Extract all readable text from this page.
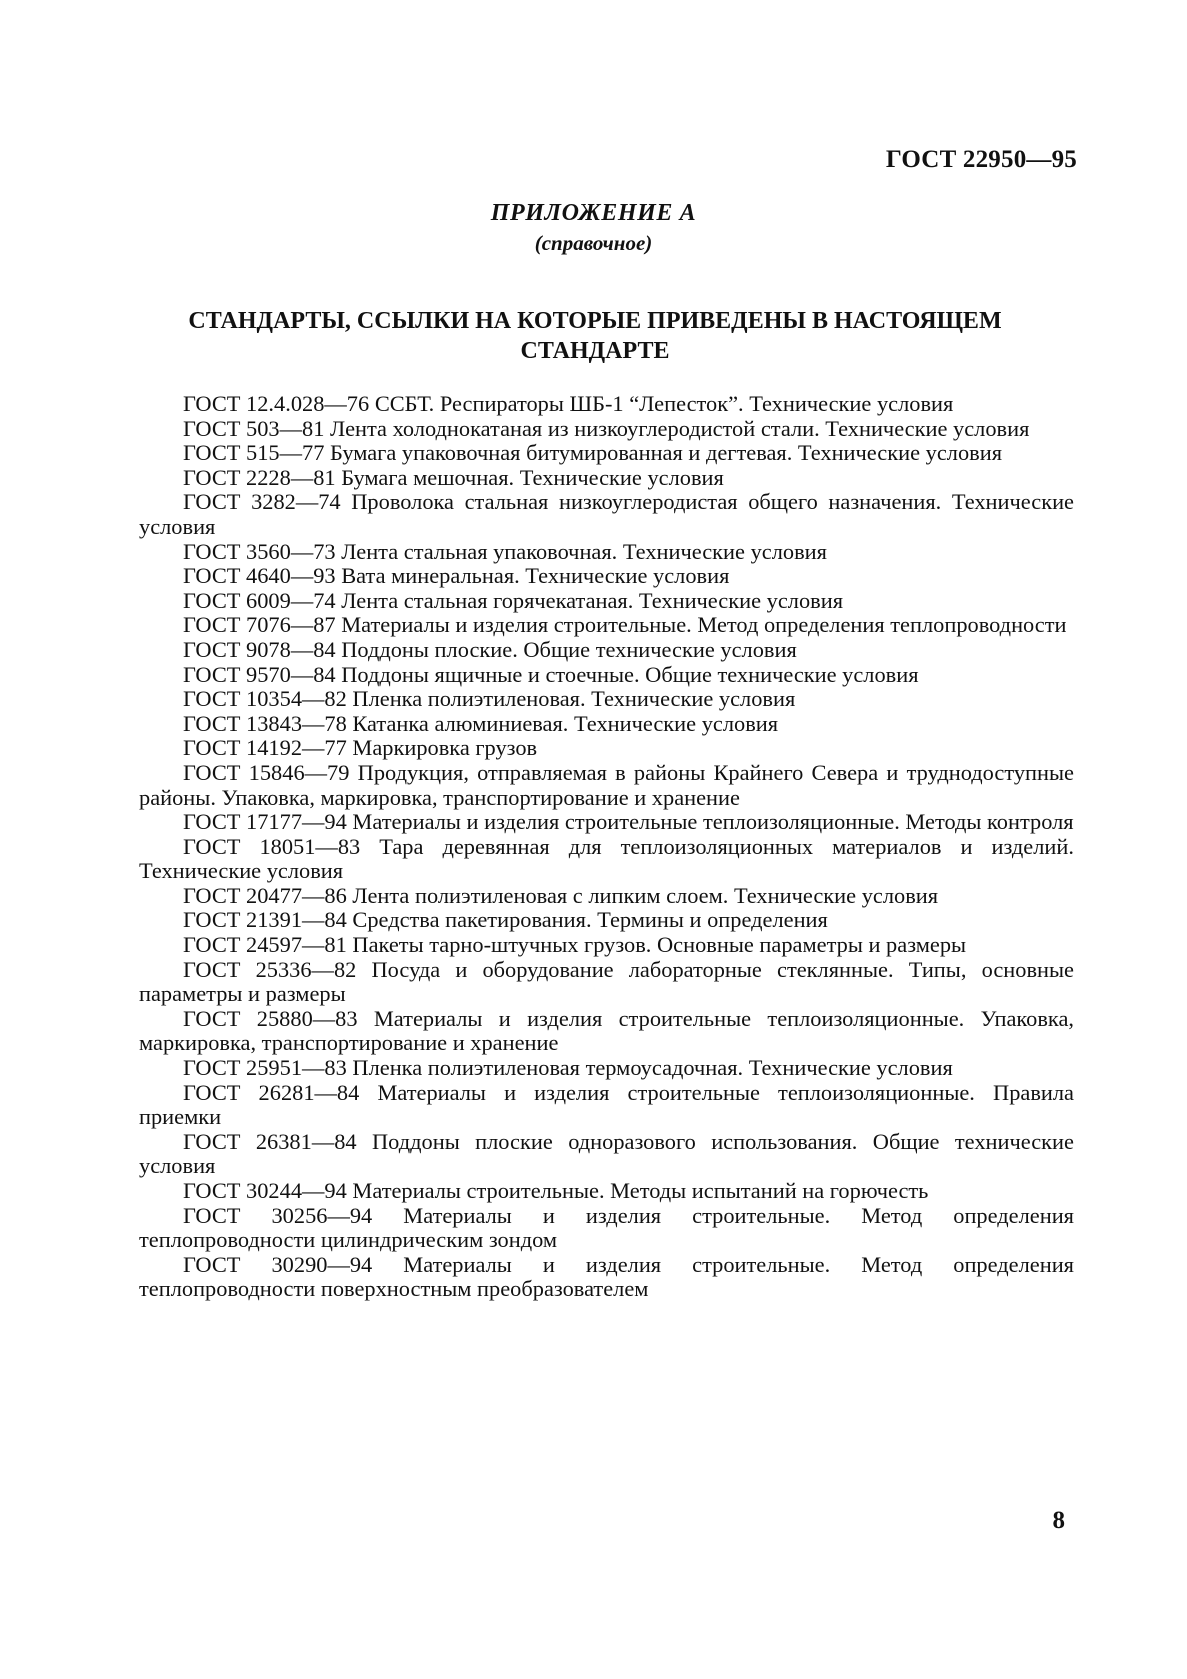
ГОСТ 22950—95
ПРИЛОЖЕНИЕ А
(справочное)
СТАНДАРТЫ, ССЫЛКИ НА КОТОРЫЕ ПРИВЕДЕНЫ В НАСТОЯЩЕМ
СТАНДАРТЕ

ГОСТ 12.4.028—76 ССБТ. Респираторы ШБ-1 “Лепесток”. Технические условия

ГОСТ 503—81 Лента холоднокатаная из низкоуглеродистой стали. Технические условия

ГОСТ 515—77 Бумага упаковочная битумированная и дегтевая. Технические условия

ГОСТ 2228—81 Бумага мешочная. Технические условия

ГОСТ 3282—74 Проволока стальная низкоуглеродистая общего назначения. Технические условия

ГОСТ 3560—73 Лента стальная упаковочная. Технические условия

ГОСТ 4640—93 Вата минеральная. Технические условия

ГОСТ 6009—74 Лента стальная горячекатаная. Технические условия

ГОСТ 7076—87 Материалы и изделия строительные. Метод определения теплопроводности

ГОСТ 9078—84 Поддоны плоские. Общие технические условия

ГОСТ 9570—84 Поддоны ящичные и стоечные. Общие технические условия

ГОСТ 10354—82 Пленка полиэтиленовая. Технические условия

ГОСТ 13843—78 Катанка алюминиевая. Технические условия

ГОСТ 14192—77 Маркировка грузов

ГОСТ 15846—79 Продукция, отправляемая в районы Крайнего Севера и труднодоступные районы. Упаковка, маркировка, транспортирование и хранение

ГОСТ 17177—94 Материалы и изделия строительные теплоизоляционные. Методы контроля

ГОСТ 18051—83 Тара деревянная для теплоизоляционных материалов и изделий. Технические условия

ГОСТ 20477—86 Лента полиэтиленовая с липким слоем. Технические условия

ГОСТ 21391—84 Средства пакетирования. Термины и определения

ГОСТ 24597—81 Пакеты тарно-штучных грузов. Основные параметры и размеры

ГОСТ 25336—82 Посуда и оборудование лабораторные стеклянные. Типы, основные параметры и размеры

ГОСТ 25880—83 Материалы и изделия строительные теплоизоляционные. Упаковка, маркировка, транспортирование и хранение

ГОСТ 25951—83 Пленка полиэтиленовая термоусадочная. Технические условия

ГОСТ 26281—84 Материалы и изделия строительные теплоизоляционные. Правила приемки

ГОСТ 26381—84 Поддоны плоские одноразового использования. Общие технические условия

ГОСТ 30244—94 Материалы строительные. Методы испытаний на горючесть

ГОСТ 30256—94 Материалы и изделия строительные. Метод определения теплопроводности цилиндрическим зондом

ГОСТ 30290—94 Материалы и изделия строительные. Метод определения теплопроводности поверхностным преобразователем

8
